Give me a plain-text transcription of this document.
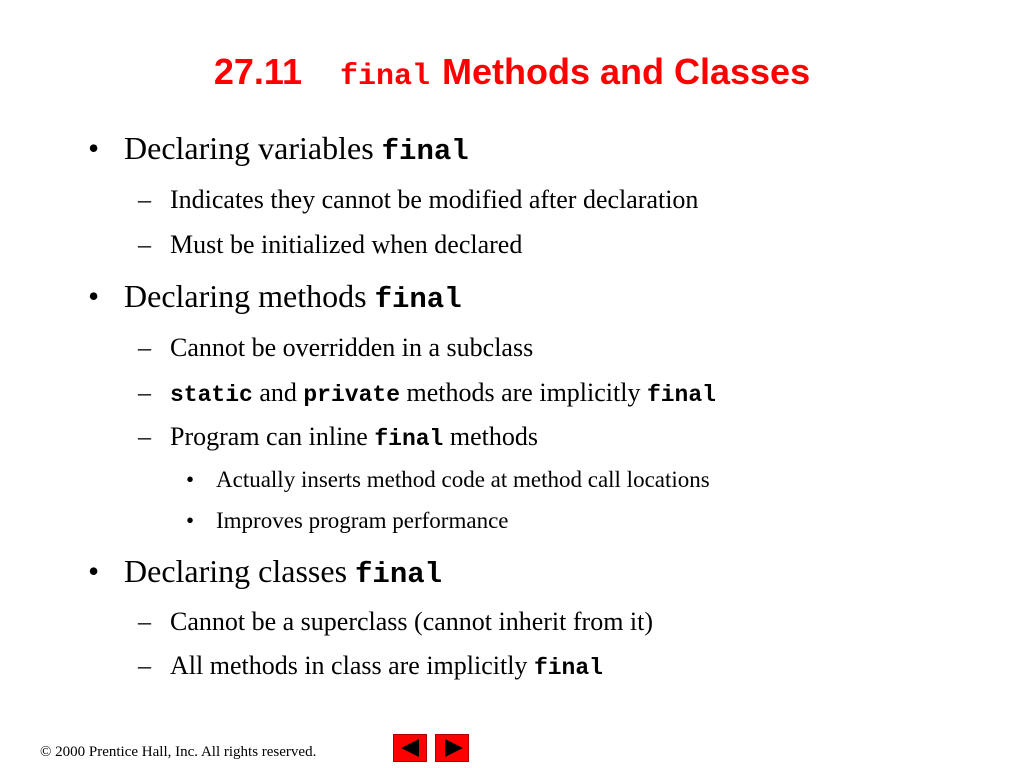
27.11 final Methods and Classes
• Declaring variables final
– Indicates they cannot be modified after declaration
– Must be initialized when declared
• Declaring methods final
– Cannot be overridden in a subclass
– static and private methods are implicitly final
– Program can inline final methods
• Actually inserts method code at method call locations
• Improves program performance
• Declaring classes final
– Cannot be a superclass (cannot inherit from it)
– All methods in class are implicitly final
© 2000 Prentice Hall, Inc. All rights reserved.
